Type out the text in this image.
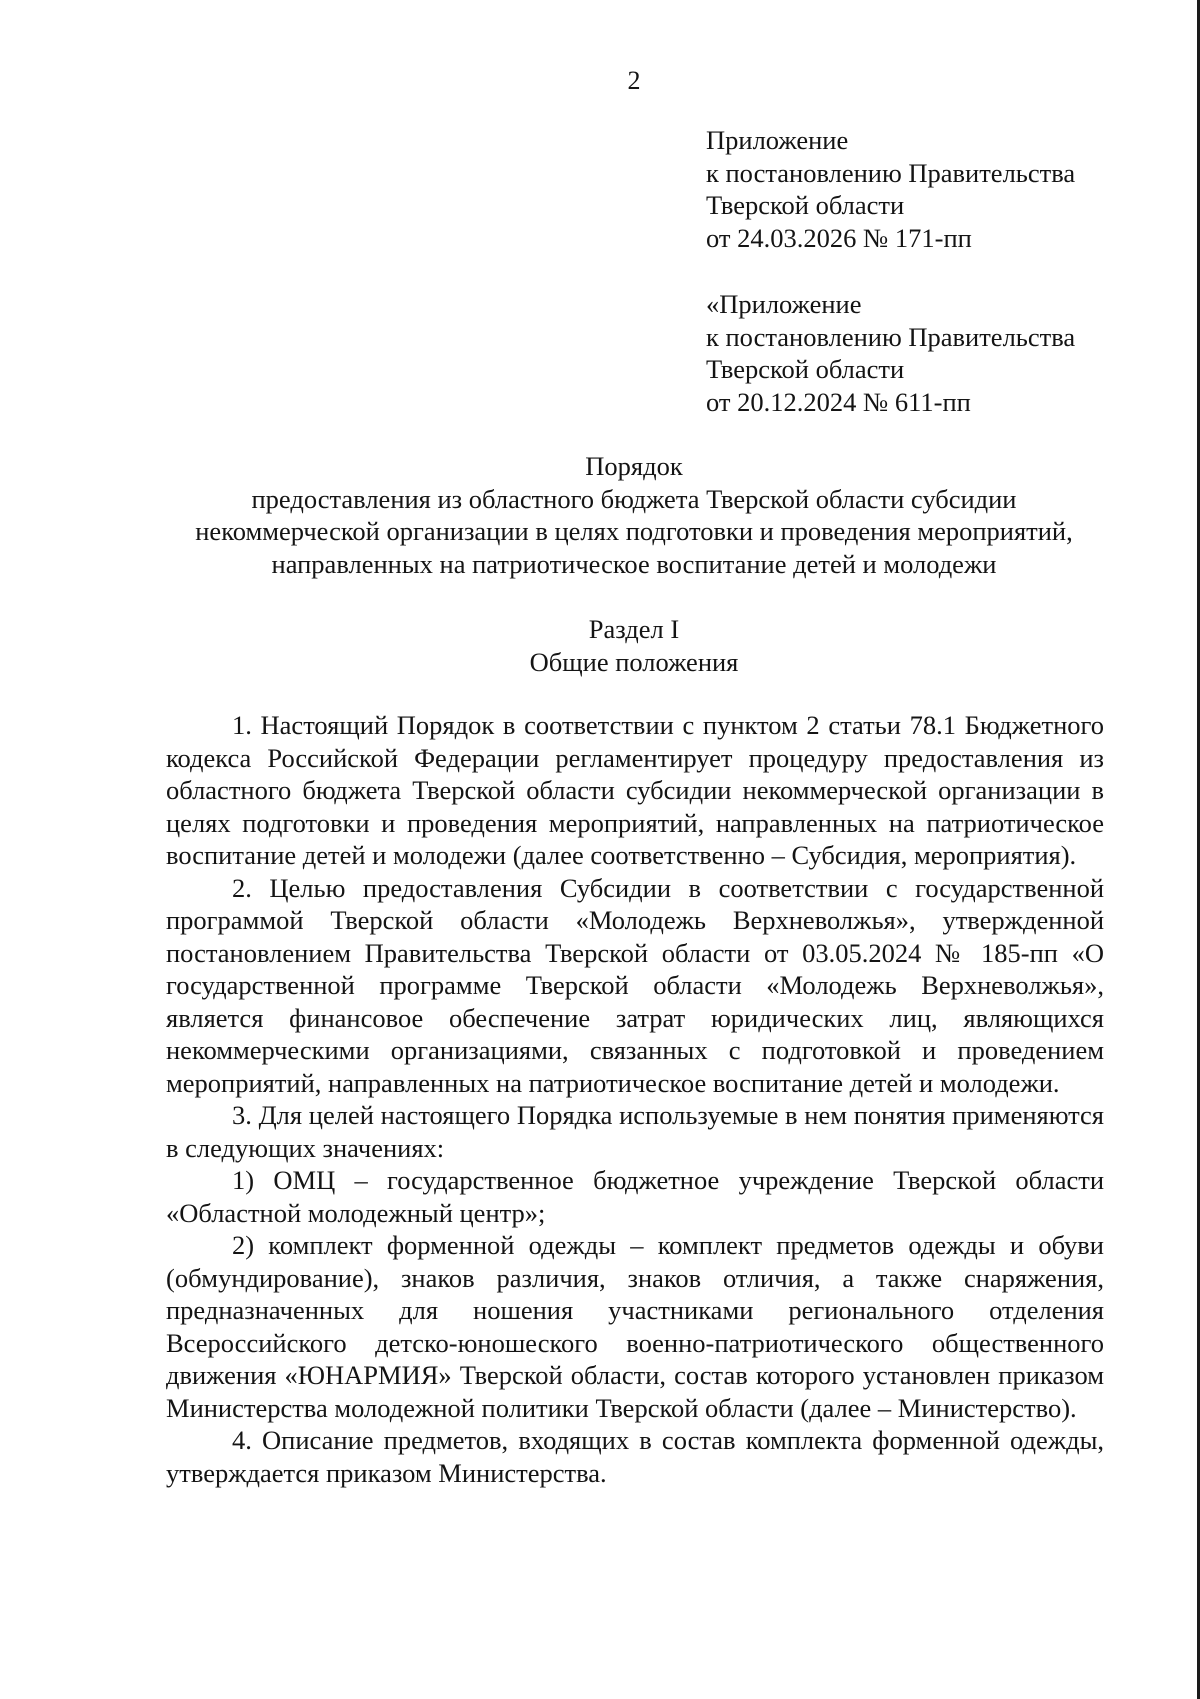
2
Приложение
к постановлению Правительства
Тверской области
от 24.03.2026 № 171-пп
«Приложение
к постановлению Правительства
Тверской области
от 20.12.2024 № 611-пп
Порядок
предоставления из областного бюджета Тверской области субсидии
некоммерческой организации в целях подготовки и проведения мероприятий,
направленных на патриотическое воспитание детей и молодежи
Раздел I
Общие положения

1. Настоящий Порядок в соответствии с пунктом 2 статьи 78.1 Бюджетного кодекса Российской Федерации регламентирует процедуру предоставления из областного бюджета Тверской области субсидии некоммерческой организации в целях подготовки и проведения мероприятий, направленных на патриотическое воспитание детей и молодежи (далее соответственно – Субсидия, мероприятия).

2. Целью предоставления Субсидии в соответствии с государственной программой Тверской области «Молодежь Верхневолжья», утвержденной постановлением Правительства Тверской области от 03.05.2024 № 185-пп «О государственной программе Тверской области «Молодежь Верхневолжья», является финансовое обеспечение затрат юридических лиц, являющихся некоммерческими организациями, связанных с подготовкой и проведением мероприятий, направленных на патриотическое воспитание детей и молодежи.

3. Для целей настоящего Порядка используемые в нем понятия применяются в следующих значениях:

1) ОМЦ – государственное бюджетное учреждение Тверской области «Областной молодежный центр»;

2) комплект форменной одежды – комплект предметов одежды и обуви (обмундирование), знаков различия, знаков отличия, а также снаряжения, предназначенных для ношения участниками регионального отделения Всероссийского детско-юношеского военно-патриотического общественного движения «ЮНАРМИЯ» Тверской области, состав которого установлен приказом Министерства молодежной политики Тверской области (далее – Министерство).

4. Описание предметов, входящих в состав комплекта форменной одежды, утверждается приказом Министерства.
